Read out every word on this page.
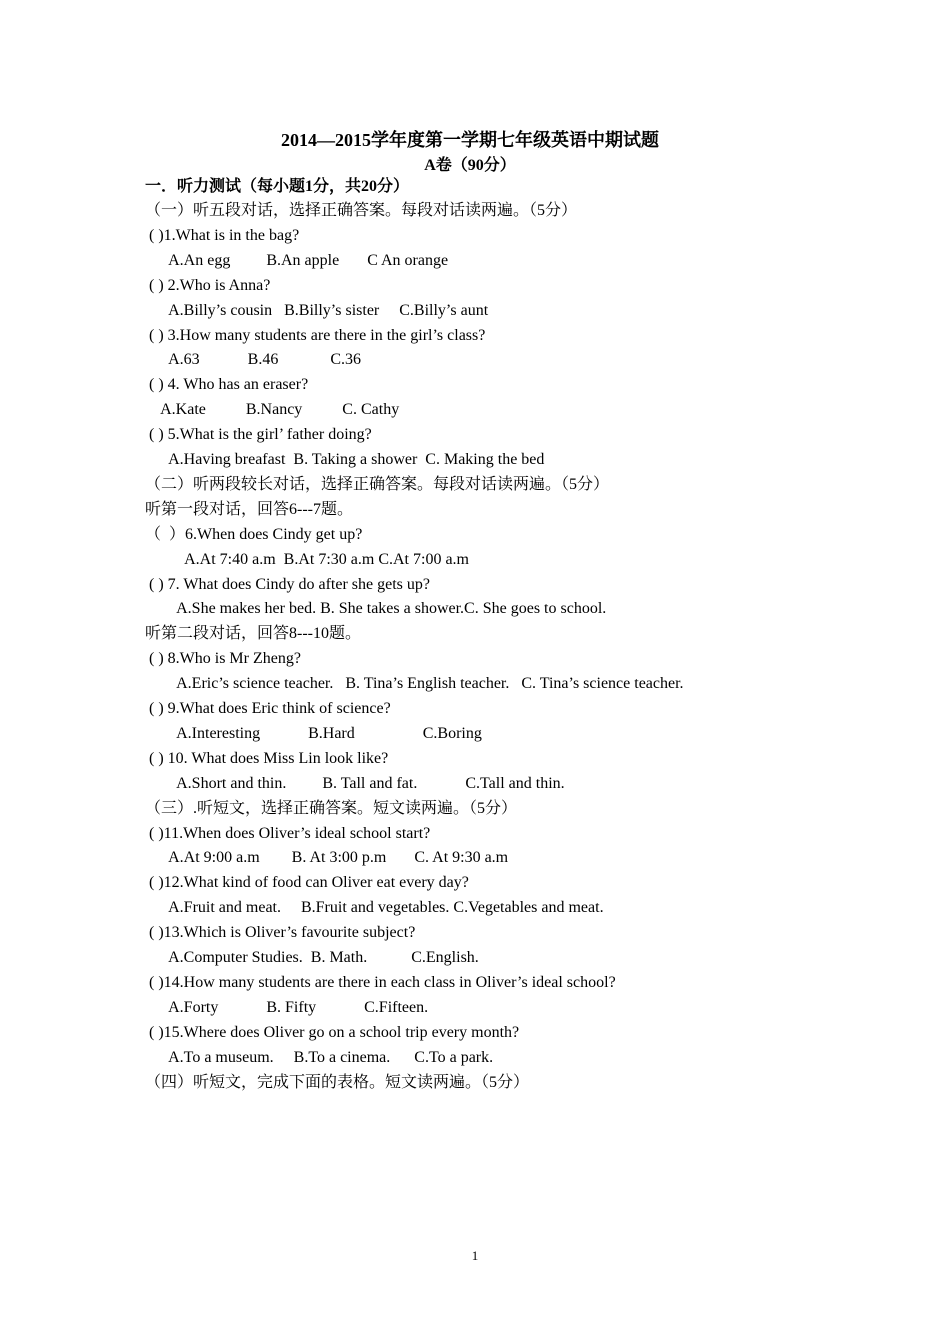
2014—2015学年度第一学期七年级英语中期试题
A卷（90分）
一．听力测试（每小题1分，共20分）
（一）听五段对话，选择正确答案。每段对话读两遍。（5分）
( )1.What is in the bag?
A.An egg         B.An apple       C An orange
( ) 2.Who is Anna?
A.Billy’s cousin   B.Billy’s sister     C.Billy’s aunt
( ) 3.How many students are there in the girl’s class?
A.63            B.46             C.36
( ) 4. Who has an eraser?
A.Kate          B.Nancy          C. Cathy
( ) 5.What is the girl’ father doing?
A.Having breafast  B. Taking a shower  C. Making the bed
（二）听两段较长对话，选择正确答案。每段对话读两遍。（5分）
听第一段对话，回答6---7题。
（  ）6.When does Cindy get up?
A.At 7:40 a.m  B.At 7:30 a.m C.At 7:00 a.m
( ) 7. What does Cindy do after she gets up?
A.She makes her bed. B. She takes a shower.C. She goes to school.
听第二段对话，回答8---10题。
( ) 8.Who is Mr Zheng?
A.Eric’s science teacher.   B. Tina’s English teacher.   C. Tina’s science teacher.
( ) 9.What does Eric think of science?
A.Interesting            B.Hard                 C.Boring
( ) 10. What does Miss Lin look like?
A.Short and thin.         B. Tall and fat.            C.Tall and thin.
（三）.听短文，选择正确答案。短文读两遍。（5分）
( )11.When does Oliver’s ideal school start?
A.At 9:00 a.m        B. At 3:00 p.m       C. At 9:30 a.m
( )12.What kind of food can Oliver eat every day?
A.Fruit and meat.     B.Fruit and vegetables. C.Vegetables and meat.
( )13.Which is Oliver’s favourite subject?
A.Computer Studies.  B. Math.           C.English.
( )14.How many students are there in each class in Oliver’s ideal school?
A.Forty            B. Fifty            C.Fifteen.
( )15.Where does Oliver go on a school trip every month?
A.To a museum.     B.To a cinema.      C.To a park.
（四）听短文，完成下面的表格。短文读两遍。（5分）
1
